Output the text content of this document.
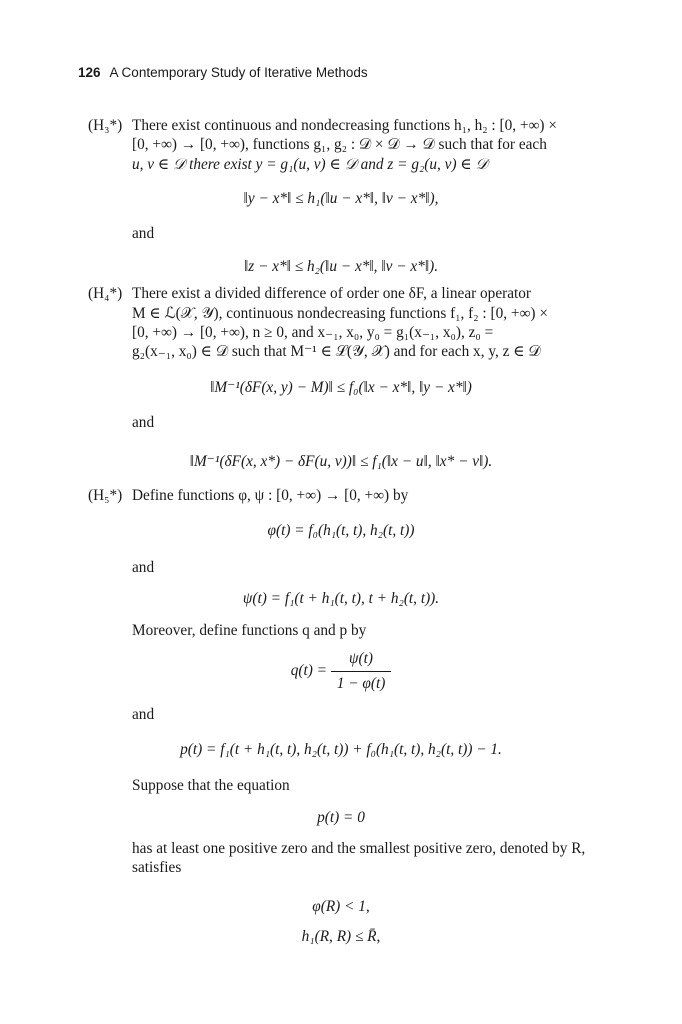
126 A Contemporary Study of Iterative Methods
(H₃*) There exist continuous and nondecreasing functions h₁, h₂ : [0, +∞) ×
[0, +∞) → [0, +∞), functions g₁, g₂ : 𝒟 × 𝒟 → 𝒟 such that for each
u, v ∈ 𝒟 there exist y = g₁(u, v) ∈ 𝒟 and z = g₂(u, v) ∈ 𝒟
‖y − x*‖ ≤ h₁(‖u − x*‖, ‖v − x*‖),
and
‖z − x*‖ ≤ h₂(‖u − x*‖, ‖v − x*‖).
(H₄*) There exist a divided difference of order one δF, a linear operator
M ∈ ℒ(𝒳, 𝒴), continuous nondecreasing functions f₁, f₂ : [0, +∞) ×
[0, +∞) → [0, +∞), n ≥ 0, and x₋₁, x₀, y₀ = g₁(x₋₁, x₀), z₀ =
g₂(x₋₁, x₀) ∈ 𝒟 such that M⁻¹ ∈ ℒ(𝒴, 𝒳) and for each x, y, z ∈ 𝒟
‖M⁻¹(δF(x, y) − M)‖ ≤ f₀(‖x − x*‖, ‖y − x*‖)
and
‖M⁻¹(δF(x, x*) − δF(u, v))‖ ≤ f₁(‖x − u‖, ‖x* − v‖).
(H₅*) Define functions φ, ψ : [0, +∞) → [0, +∞) by
φ(t) = f₀(h₁(t, t), h₂(t, t))
and
ψ(t) = f₁(t + h₁(t, t), t + h₂(t, t)).
Moreover, define functions q and p by
$q(t) = \frac{\psi(t)}{1 - \varphi(t)}$
and
p(t) = f₁(t + h₁(t, t), h₂(t, t)) + f₀(h₁(t, t), h₂(t, t)) − 1.
Suppose that the equation
p(t) = 0
has at least one positive zero and the smallest positive zero, denoted by R,
satisfies
φ(R) < 1,
h₁(R, R) ≤ R̄,
